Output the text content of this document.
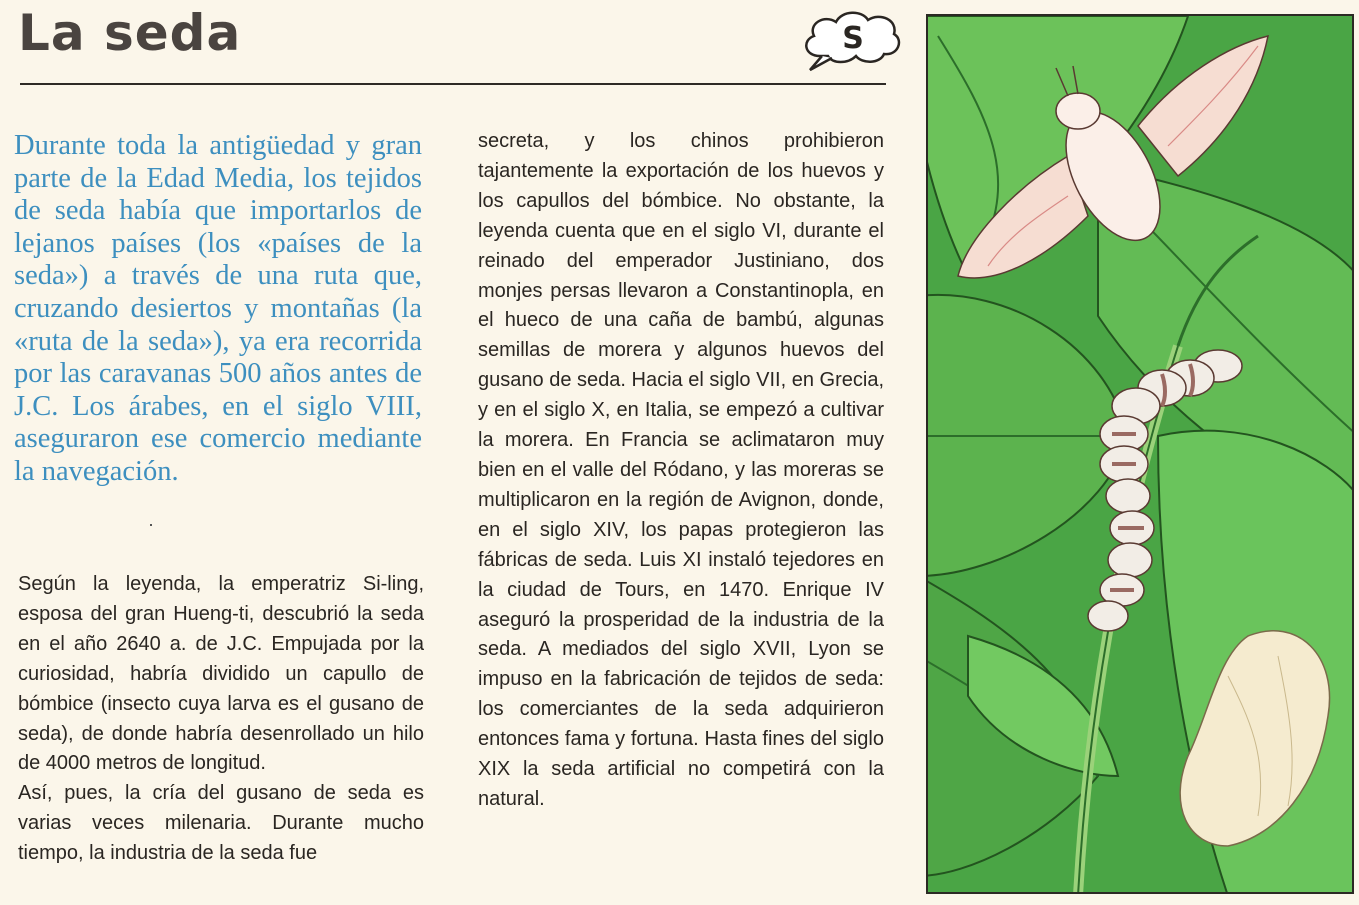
La seda	S

Durante toda la antigüedad y gran parte de la Edad Media, los tejidos de seda había que importarlos de lejanos países (los «países de la seda») a través de una ruta que, cruzando desiertos y montañas (la «ruta de la seda»), ya era recorrida por las caravanas 500 años antes de J.C. Los árabes, en el siglo VIII, aseguraron ese comercio mediante la navegación.

Según la leyenda, la emperatriz Si-ling, esposa del gran Hueng-ti, descubrió la seda en el año 2640 a. de J.C. Empujada por la curiosidad, habría dividido un capullo de bómbice (insecto cuya larva es el gusano de seda), de donde habría desenrollado un hilo de 4000 metros de longitud.

Así, pues, la cría del gusano de seda es varias veces milenaria. Durante mucho tiempo, la industria de la seda fue

secreta, y los chinos prohibieron tajantemente la exportación de los huevos y los capullos del bómbice. No obstante, la leyenda cuenta que en el siglo VI, durante el reinado del emperador Justiniano, dos monjes persas llevaron a Constantinopla, en el hueco de una caña de bambú, algunas semillas de morera y algunos huevos del gusano de seda. Hacia el siglo VII, en Grecia, y en el siglo X, en Italia, se empezó a cultivar la morera. En Francia se aclimataron muy bien en el valle del Ródano, y las moreras se multiplicaron en la región de Avignon, donde, en el siglo XIV, los papas protegieron las fábricas de seda. Luis XI instaló tejedores en la ciudad de Tours, en 1470. Enrique IV aseguró la prosperidad de la industria de la seda. A mediados del siglo XVII, Lyon se impuso en la fabricación de tejidos de seda: los comerciantes de la seda adquirieron entonces fama y fortuna. Hasta fines del siglo XIX la seda artificial no competirá con la natural.
